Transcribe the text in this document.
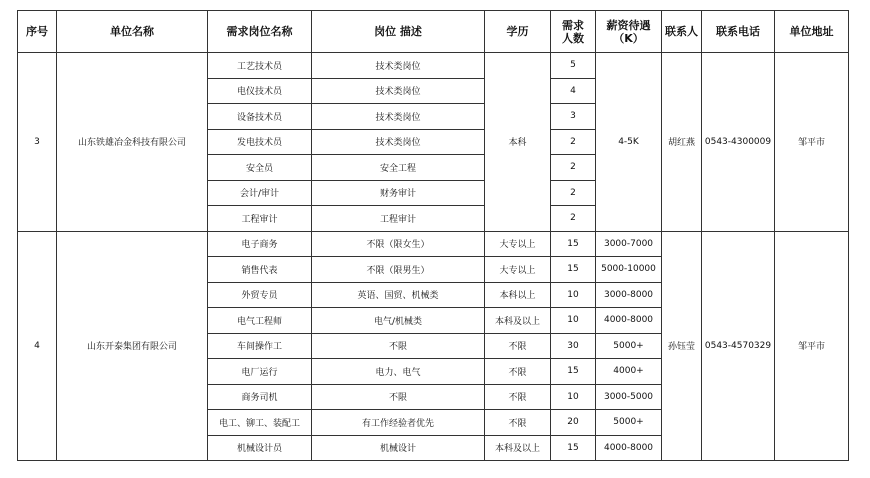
序号	单位名称	需求岗位名称	岗位 描述	学历	需求人数	薪资待遇（K）	联系人	联系电话	单位地址
3	山东铁雄冶金科技有限公司	工艺技术员	技术类岗位	本科	5	4-5K	胡红燕	0543-4300009	邹平市
		电仪技术员	技术类岗位		4				
		设备技术员	技术类岗位		3				
		发电技术员	技术类岗位		2				
		安全员	安全工程		2				
		会计/审计	财务审计		2				
		工程审计	工程审计		2				
4	山东开泰集团有限公司	电子商务	不限（限女生）	大专以上	15	3000-7000	孙钰莹	0543-4570329	邹平市
		销售代表	不限（限男生）	大专以上	15	5000-10000			
		外贸专员	英语、国贸、机械类	本科以上	10	3000-8000			
		电气工程师	电气/机械类	本科及以上	10	4000-8000			
		车间操作工	不限	不限	30	5000+			
		电厂运行	电力、电气	不限	15	4000+			
		商务司机	不限	不限	10	3000-5000			
		电工、铆工、装配工	有工作经验者优先	不限	20	5000+			
		机械设计员	机械设计	本科及以上	15	4000-8000			
